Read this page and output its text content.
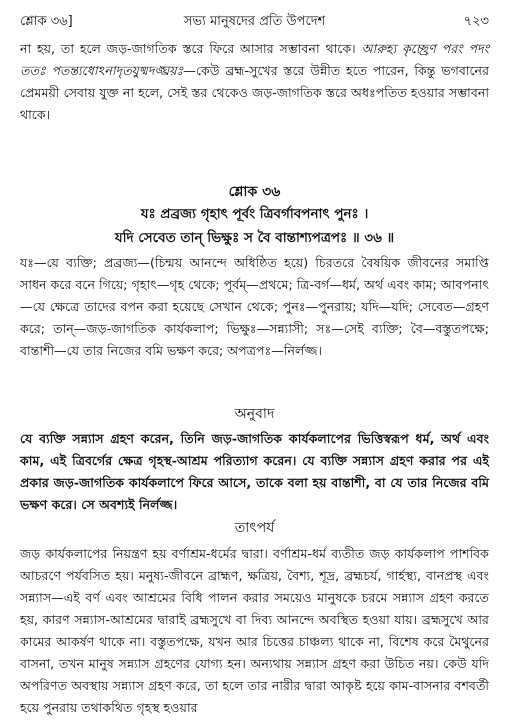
শ্লোক ৩৬]	সভ্য মানুষদের প্রতি উপদেশ	৭২৩

না হয়, তা হলে জড়-জাগতিক স্তরে ফিরে আসার সম্ভাবনা থাকে। আরুহ্য কৃচ্ছ্রেণ পরং পদং ততঃ পতন্ত্যধোঽনাদৃতযুষ্মদঙ্ঘ্রয়ঃ—কেউ ব্রহ্ম-সুখের স্তরে উন্নীত হতে পারেন, কিন্তু ভগবানের প্রেমময়ী সেবায় যুক্ত না হলে, সেই স্তর থেকেও জড়-জাগতিক স্তরে অধঃপতিত হওয়ার সম্ভাবনা থাকে।

শ্লোক ৩৬
যঃ প্রব্রজ্য গৃহাৎ পূর্বং ত্রিবর্গাবপনাৎ পুনঃ ।
যদি সেবেত তান্ ভিক্ষুঃ স বৈ বান্তাশ্যপত্রপঃ ॥ ৩৬ ॥

যঃ—যে ব্যক্তি; প্রব্রজ্য—(চিন্ময় আনন্দে অধিষ্ঠিত হয়ে) চিরতরে বৈষয়িক জীবনের সমাপ্তি সাধন করে বনে গিয়ে; গৃহাৎ—গৃহ থেকে; পূর্বম্—প্রথমে; ত্রি-বর্গ—ধর্ম, অর্থ এবং কাম; আবপনাৎ—যে ক্ষেত্রে তাদের বপন করা হয়েছে সেখান থেকে; পুনঃ—পুনরায়; যদি—যদি; সেবেত—গ্রহণ করে; তান্—জড়-জাগতিক কার্যকলাপ; ভিক্ষুঃ—সন্ন্যাসী; সঃ—সেই ব্যক্তি; বৈ—বস্তুতপক্ষে; বান্তাশী—যে তার নিজের বমি ভক্ষণ করে; অপত্রপঃ—নির্লজ্জ।

অনুবাদ

যে ব্যক্তি সন্ন্যাস গ্রহণ করেন, তিনি জড়-জাগতিক কার্যকলাপের ভিত্তিস্বরূপ ধর্ম, অর্থ এবং কাম, এই ত্রিবর্গের ক্ষেত্র গৃহস্থ-আশ্রম পরিত্যাগ করেন। যে ব্যক্তি সন্ন্যাস গ্রহণ করার পর এই প্রকার জড়-জাগতিক কার্যকলাপে ফিরে আসে, তাকে বলা হয় বান্তাশী, বা যে তার নিজের বমি ভক্ষণ করে। সে অবশ্যই নির্লজ্জ।

তাৎপর্য

জড় কার্যকলাপের নিয়ন্ত্রণ হয় বর্ণাশ্রম-ধর্মের দ্বারা। বর্ণাশ্রম-ধর্ম ব্যতীত জড় কার্যকলাপ পাশবিক আচরণে পর্যবসিত হয়। মনুষ্য-জীবনে ব্রাহ্মণ, ক্ষত্রিয়, বৈশ্য, শূদ্র, ব্রহ্মচর্য, গার্হস্থ্য, বানপ্রস্থ এবং সন্ন্যাস—এই বর্ণ এবং আশ্রমের বিধি পালন করার সময়েও মানুষকে চরমে সন্ন্যাস গ্রহণ করতে হয়, কারণ সন্ন্যাস-আশ্রমের দ্বারাই ব্রহ্মসুখে বা দিব্য আনন্দে অবস্থিত হওয়া যায়। ব্রহ্মসুখে আর কামের আকর্ষণ থাকে না। বস্তুতপক্ষে, যখন আর চিত্তের চাঞ্চল্য থাকে না, বিশেষ করে মৈথুনের বাসনা, তখন মানুষ সন্ন্যাস গ্রহণের যোগ্য হন। অন্যথায় সন্ন্যাস গ্রহণ করা উচিত নয়। কেউ যদি অপরিণত অবস্থায় সন্ন্যাস গ্রহণ করে, তা হলে তার নারীর দ্বারা আকৃষ্ট হয়ে কাম-বাসনার বশবর্তী হয়ে পুনরায় তথাকথিত গৃহস্থ হওয়ার
